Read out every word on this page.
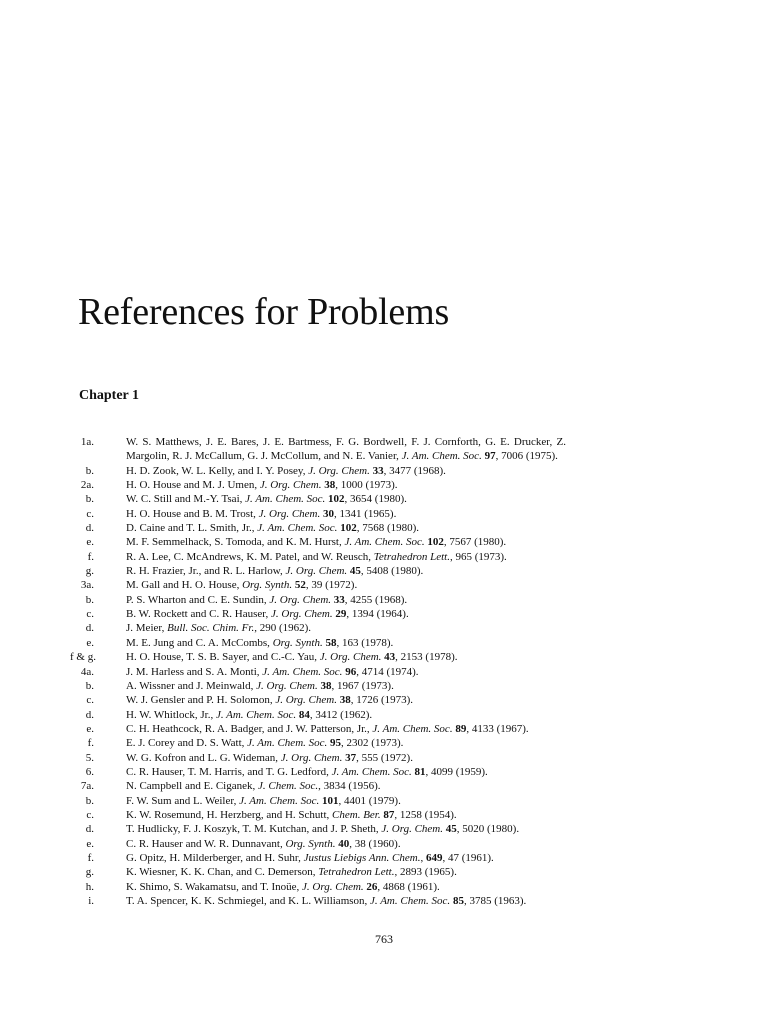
References for Problems
Chapter 1
1a.	W. S. Matthews, J. E. Bares, J. E. Bartmess, F. G. Bordwell, F. J. Cornforth, G. E. Drucker, Z. Margolin, R. J. McCallum, G. J. McCollum, and N. E. Vanier, J. Am. Chem. Soc. 97, 7006 (1975).
b.	H. D. Zook, W. L. Kelly, and I. Y. Posey, J. Org. Chem. 33, 3477 (1968).
2a.	H. O. House and M. J. Umen, J. Org. Chem. 38, 1000 (1973).
b.	W. C. Still and M.-Y. Tsai, J. Am. Chem. Soc. 102, 3654 (1980).
c.	H. O. House and B. M. Trost, J. Org. Chem. 30, 1341 (1965).
d.	D. Caine and T. L. Smith, Jr., J. Am. Chem. Soc. 102, 7568 (1980).
e.	M. F. Semmelhack, S. Tomoda, and K. M. Hurst, J. Am. Chem. Soc. 102, 7567 (1980).
f.	R. A. Lee, C. McAndrews, K. M. Patel, and W. Reusch, Tetrahedron Lett., 965 (1973).
g.	R. H. Frazier, Jr., and R. L. Harlow, J. Org. Chem. 45, 5408 (1980).
3a.	M. Gall and H. O. House, Org. Synth. 52, 39 (1972).
b.	P. S. Wharton and C. E. Sundin, J. Org. Chem. 33, 4255 (1968).
c.	B. W. Rockett and C. R. Hauser, J. Org. Chem. 29, 1394 (1964).
d.	J. Meier, Bull. Soc. Chim. Fr., 290 (1962).
e.	M. E. Jung and C. A. McCombs, Org. Synth. 58, 163 (1978).
f & g.	H. O. House, T. S. B. Sayer, and C.-C. Yau, J. Org. Chem. 43, 2153 (1978).
4a.	J. M. Harless and S. A. Monti, J. Am. Chem. Soc. 96, 4714 (1974).
b.	A. Wissner and J. Meinwald, J. Org. Chem. 38, 1967 (1973).
c.	W. J. Gensler and P. H. Solomon, J. Org. Chem. 38, 1726 (1973).
d.	H. W. Whitlock, Jr., J. Am. Chem. Soc. 84, 3412 (1962).
e.	C. H. Heathcock, R. A. Badger, and J. W. Patterson, Jr., J. Am. Chem. Soc. 89, 4133 (1967).
f.	E. J. Corey and D. S. Watt, J. Am. Chem. Soc. 95, 2302 (1973).
5.	W. G. Kofron and L. G. Wideman, J. Org. Chem. 37, 555 (1972).
6.	C. R. Hauser, T. M. Harris, and T. G. Ledford, J. Am. Chem. Soc. 81, 4099 (1959).
7a.	N. Campbell and E. Ciganek, J. Chem. Soc., 3834 (1956).
b.	F. W. Sum and L. Weiler, J. Am. Chem. Soc. 101, 4401 (1979).
c.	K. W. Rosemund, H. Herzberg, and H. Schutt, Chem. Ber. 87, 1258 (1954).
d.	T. Hudlicky, F. J. Koszyk, T. M. Kutchan, and J. P. Sheth, J. Org. Chem. 45, 5020 (1980).
e.	C. R. Hauser and W. R. Dunnavant, Org. Synth. 40, 38 (1960).
f.	G. Opitz, H. Milderberger, and H. Suhr, Justus Liebigs Ann. Chem., 649, 47 (1961).
g.	K. Wiesner, K. K. Chan, and C. Demerson, Tetrahedron Lett., 2893 (1965).
h.	K. Shimo, S. Wakamatsu, and T. Inoüe, J. Org. Chem. 26, 4868 (1961).
i.	T. A. Spencer, K. K. Schmiegel, and K. L. Williamson, J. Am. Chem. Soc. 85, 3785 (1963).
763
